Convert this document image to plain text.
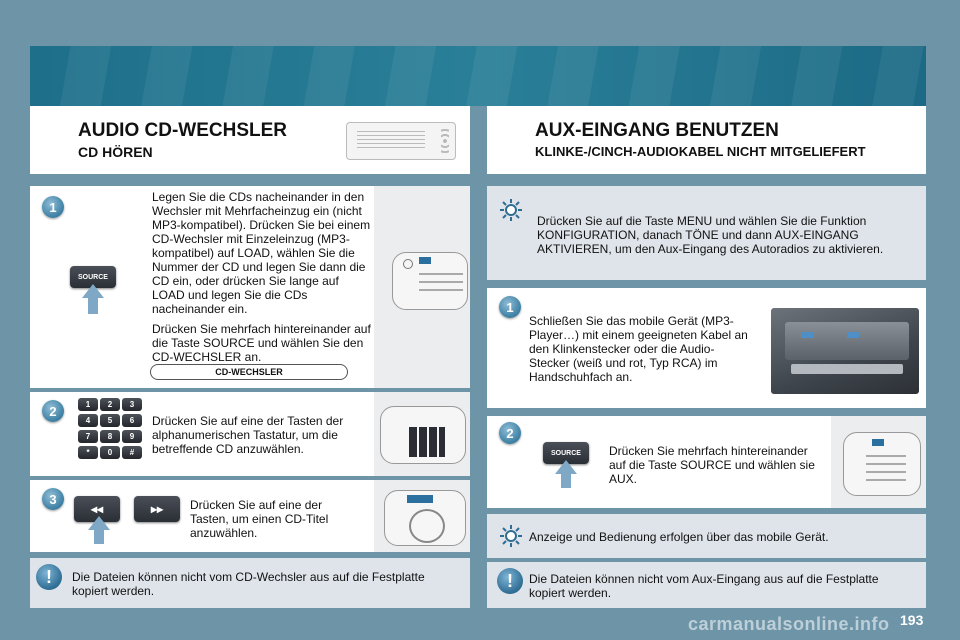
AUDIO CD-WECHSLER
CD HÖREN
AUX-EINGANG BENUTZEN
KLINKE-/CINCH-AUDIOKABEL NICHT MITGELIEFERT
1
SOURCE
Legen Sie die CDs nacheinander in den Wechsler mit Mehrfacheinzug ein (nicht MP3-kompatibel). Drücken Sie bei einem CD-Wechsler mit Einzeleinzug (MP3-kompatibel) auf LOAD, wählen Sie die Nummer der CD und legen Sie dann die CD ein, oder drücken Sie lange auf LOAD und legen Sie die CDs nacheinander ein.
Drücken Sie mehrfach hintereinander auf die Taste SOURCE und wählen Sie den CD-WECHSLER an.
CD-WECHSLER
2	1	2	3
4	5	6
7	8	9
*	0	#
Drücken Sie auf eine der Tasten der alphanumerischen Tastatur, um die betreffende CD anzuwählen.
3
◂◂	▸▸	Drücken Sie auf eine der Tasten, um einen CD-Titel anzuwählen.
!	Die Dateien können nicht vom CD-Wechsler aus auf die Festplatte kopiert werden.
Drücken Sie auf die Taste MENU und wählen Sie die Funktion KONFIGURATION, danach TÖNE und dann AUX-EINGANG AKTIVIEREN, um den Aux-Eingang des Autoradios zu aktivieren.
1
Schließen Sie das mobile Gerät (MP3-Player…) mit einem geeigneten Kabel an den Klinkenstecker oder die Audio-Stecker (weiß und rot, Typ RCA) im Handschuhfach an.
2
SOURCE	Drücken Sie mehrfach hintereinander auf die Taste SOURCE und wählen sie AUX.
Anzeige und Bedienung erfolgen über das mobile Gerät.
!	Die Dateien können nicht vom Aux-Eingang aus auf die Festplatte kopiert werden.
193
carmanualsonline.info
